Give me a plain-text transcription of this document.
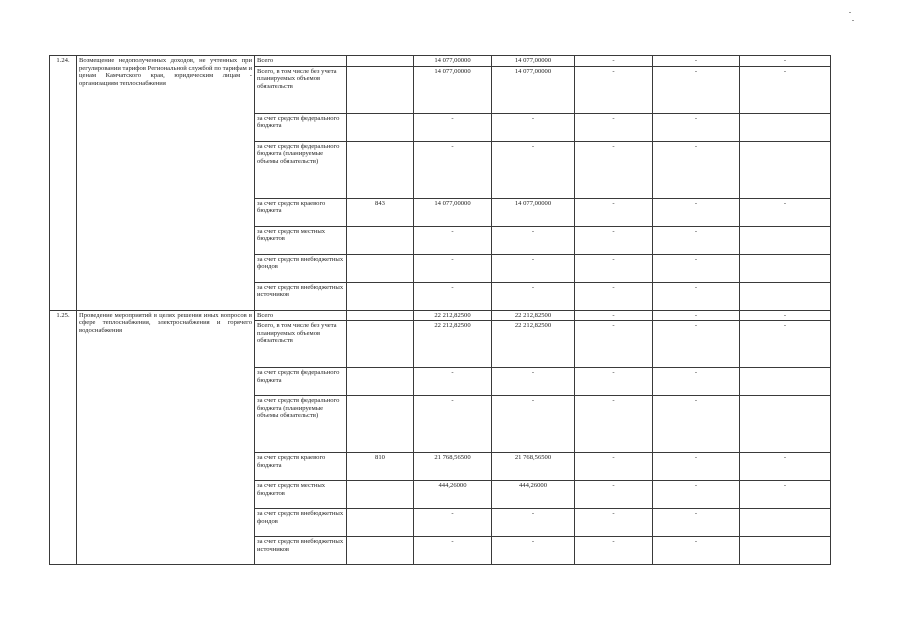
1.24.	Возмещение недополученных доходов, не учтенных при регулировании тарифов Региональной службой по тарифам и ценам Камчатского края, юридическим лицам - организациям теплоснабжения	Всего		14 077,00000	14 077,00000	-	-	-
		Всего, в том числе без учета планируемых объемов обязательств		14 077,00000	14 077,00000	-	-	-
		за счет средств федерального бюджета		-	-	-	-	
		за счет средств федерального бюджета (планируемые объемы обязательств)		-	-	-	-	
		за счет средств краевого бюджета	843	14 077,00000	14 077,00000	-	-	-
		за счет средств местных бюджетов		-	-	-	-	
		за счет средств внебюджетных фондов		-	-	-	-	
		за счет средств внебюджетных источников		-	-	-	-	
1.25.	Проведение мероприятий в целях решения иных вопросов в сфере теплоснабжения, электроснабжения и горячего водоснабжения	Всего		22 212,82500	22 212,82500	-	-	-
		Всего, в том числе без учета планируемых объемов обязательств		22 212,82500	22 212,82500	-	-	-
		за счет средств федерального бюджета		-	-	-	-	
		за счет средств федерального бюджета (планируемые объемы обязательств)		-	-	-	-	
		за счет средств краевого бюджета	810	21 768,56500	21 768,56500	-	-	-
		за счет средств местных бюджетов		444,26000	444,26000	-	-	-
		за счет средств внебюджетных фондов		-	-	-	-	
		за счет средств внебюджетных источников		-	-	-	-	
